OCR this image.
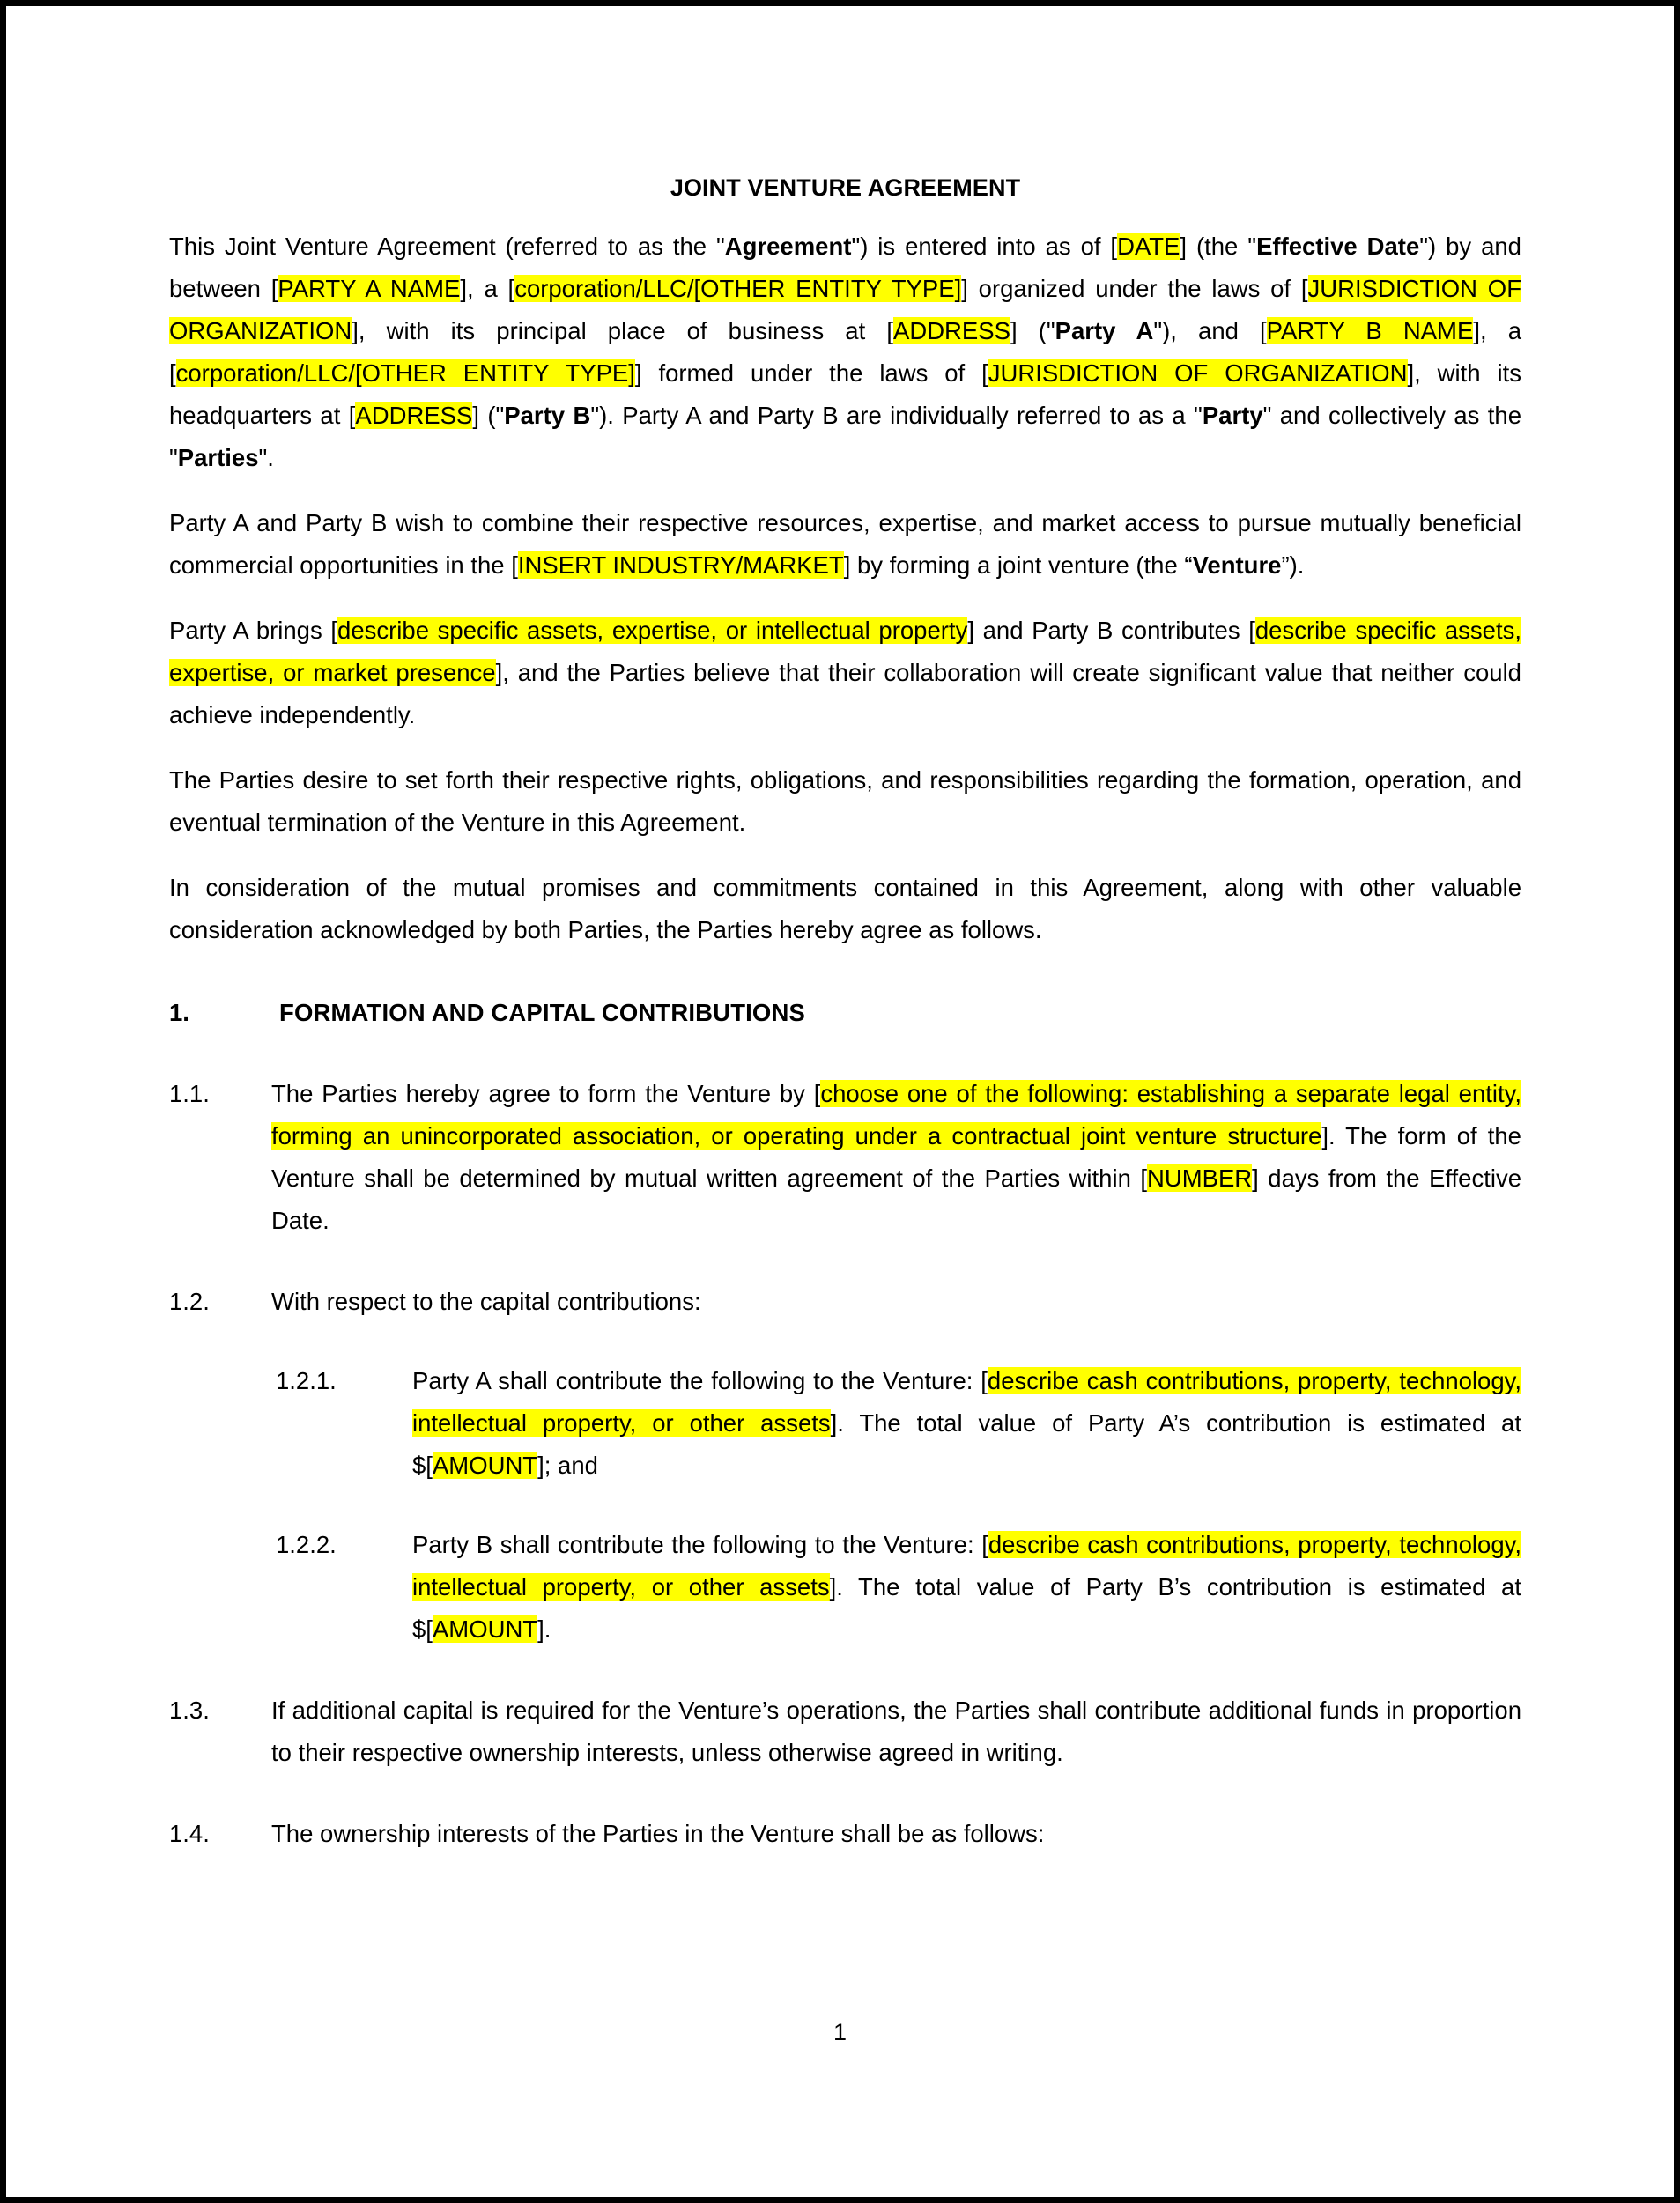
JOINT VENTURE AGREEMENT

This Joint Venture Agreement (referred to as the "Agreement") is entered into as of [DATE] (the "Effective Date") by and between [PARTY A NAME], a [corporation/LLC/[OTHER ENTITY TYPE]] organized under the laws of [JURISDICTION OF ORGANIZATION], with its principal place of business at [ADDRESS] ("Party A"), and [PARTY B NAME], a [corporation/LLC/[OTHER ENTITY TYPE]] formed under the laws of [JURISDICTION OF ORGANIZATION], with its headquarters at [ADDRESS] ("Party B"). Party A and Party B are individually referred to as a "Party" and collectively as the "Parties".

Party A and Party B wish to combine their respective resources, expertise, and market access to pursue mutually beneficial commercial opportunities in the [INSERT INDUSTRY/MARKET] by forming a joint venture (the “Venture”).

Party A brings [describe specific assets, expertise, or intellectual property] and Party B contributes [describe specific assets, expertise, or market presence], and the Parties believe that their collaboration will create significant value that neither could achieve independently.

The Parties desire to set forth their respective rights, obligations, and responsibilities regarding the formation, operation, and eventual termination of the Venture in this Agreement.

In consideration of the mutual promises and commitments contained in this Agreement, along with other valuable consideration acknowledged by both Parties, the Parties hereby agree as follows.

1.	FORMATION AND CAPITAL CONTRIBUTIONS
1.1.	The Parties hereby agree to form the Venture by [choose one of the following: establishing a separate legal entity, forming an unincorporated association, or operating under a contractual joint venture structure]. The form of the Venture shall be determined by mutual written agreement of the Parties within [NUMBER] days from the Effective Date.
1.2.	With respect to the capital contributions:
1.2.1.	Party A shall contribute the following to the Venture: [describe cash contributions, property, technology, intellectual property, or other assets]. The total value of Party A’s contribution is estimated at $[AMOUNT]; and
1.2.2.	Party B shall contribute the following to the Venture: [describe cash contributions, property, technology, intellectual property, or other assets]. The total value of Party B’s contribution is estimated at $[AMOUNT].
1.3.	If additional capital is required for the Venture’s operations, the Parties shall contribute additional funds in proportion to their respective ownership interests, unless otherwise agreed in writing.
1.4.	The ownership interests of the Parties in the Venture shall be as follows:
1
